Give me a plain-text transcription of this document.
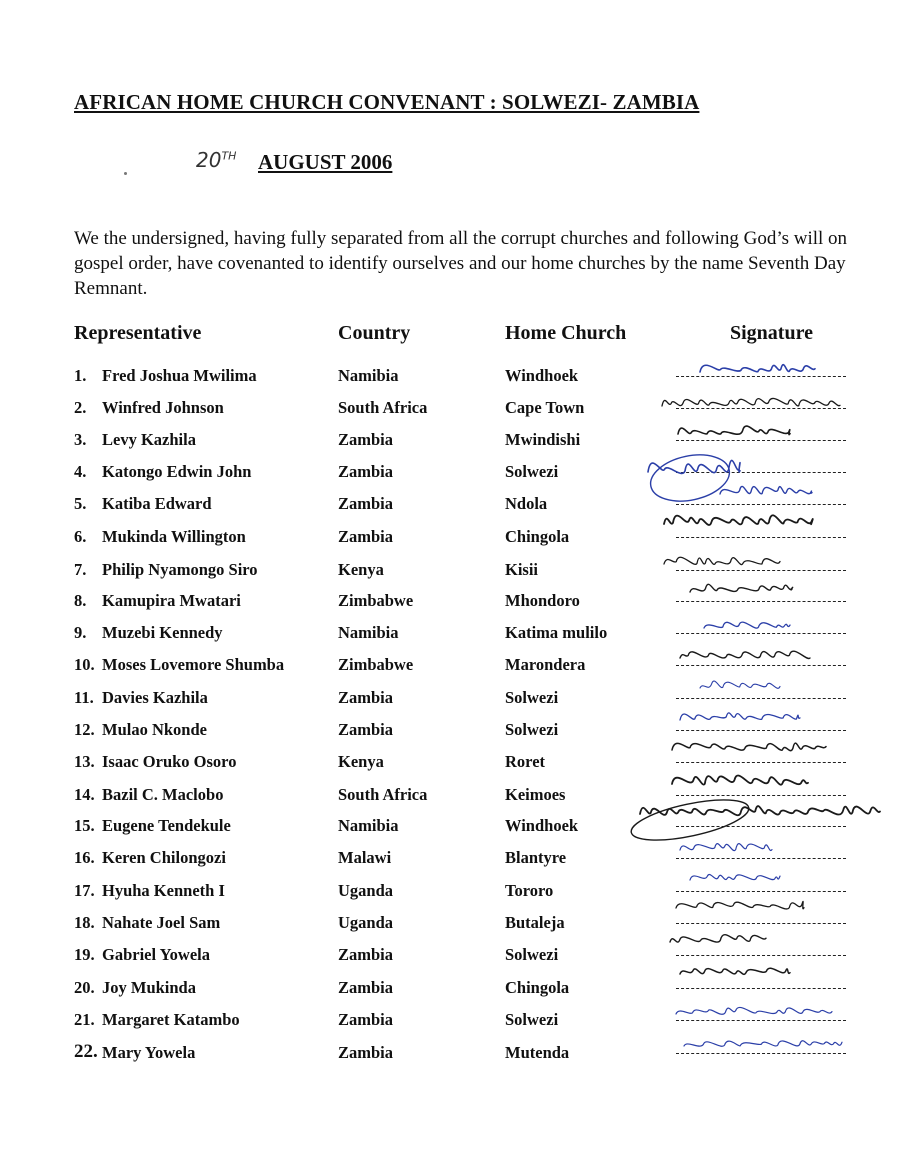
AFRICAN HOME CHURCH CONVENANT : SOLWEZI- ZAMBIA
20TH AUGUST 2006
We the undersigned, having fully separated from all the corrupt churches and following God’s will on gospel order, have covenanted to identify ourselves and our home churches by the name Seventh Day Remnant.
Representative	Country	Home Church	Signature
1. Fred Joshua Mwilima	Namibia	Windhoek
2. Winfred Johnson	South Africa	Cape Town
3. Levy Kazhila	Zambia	Mwindishi
4. Katongo Edwin John	Zambia	Solwezi
5. Katiba Edward	Zambia	Ndola
6. Mukinda Willington	Zambia	Chingola
7. Philip Nyamongo Siro	Kenya	Kisii
8. Kamupira Mwatari	Zimbabwe	Mhondoro
9. Muzebi Kennedy	Namibia	Katima mulilo
10. Moses Lovemore Shumba	Zimbabwe	Marondera
11. Davies Kazhila	Zambia	Solwezi
12. Mulao Nkonde	Zambia	Solwezi
13. Isaac Oruko Osoro	Kenya	Roret
14. Bazil C. Maclobo	South Africa	Keimoes
15. Eugene Tendekule	Namibia	Windhoek
16. Keren Chilongozi	Malawi	Blantyre
17. Hyuha Kenneth I	Uganda	Tororo
18. Nahate Joel Sam	Uganda	Butaleja
19. Gabriel Yowela	Zambia	Solwezi
20. Joy Mukinda	Zambia	Chingola
21. Margaret Katambo	Zambia	Solwezi
22. Mary Yowela	Zambia	Mutenda
